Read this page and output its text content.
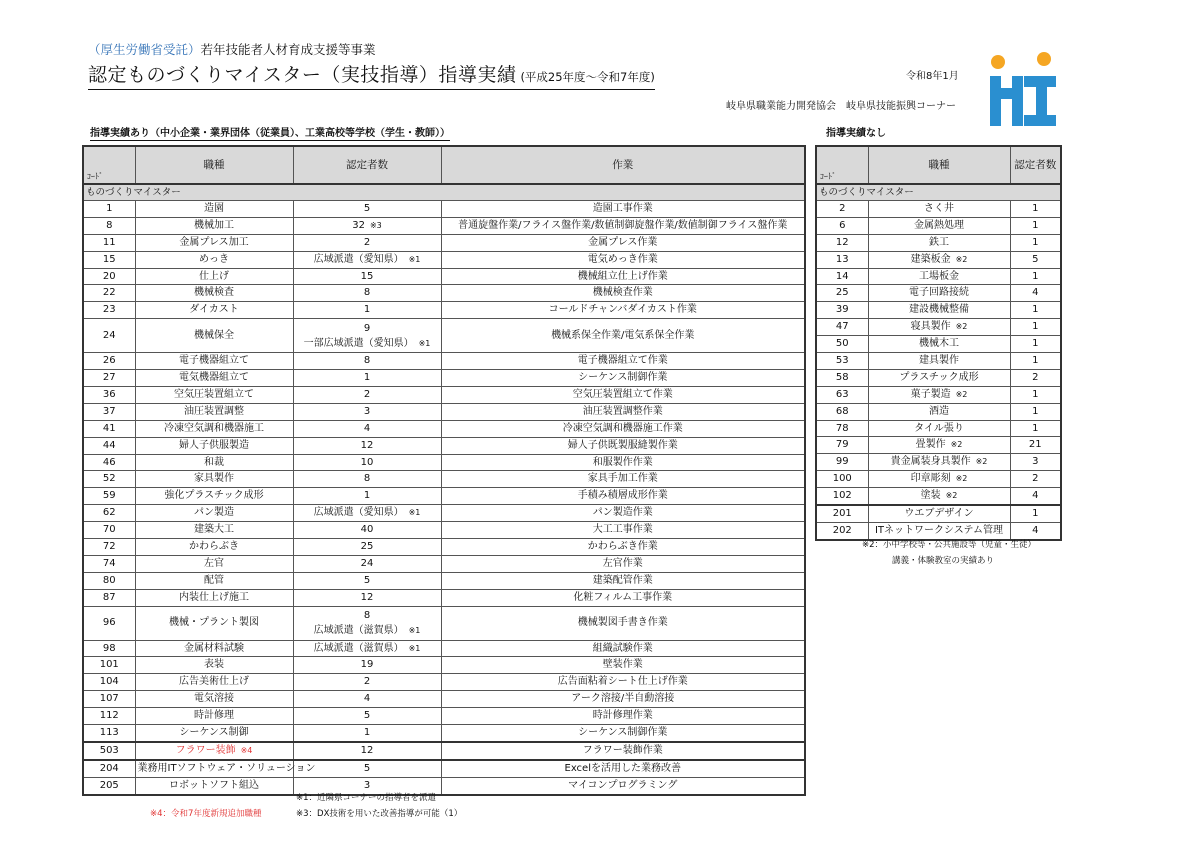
（厚生労働省受託）若年技能者人材育成支援等事業
認定ものづくりマイスター（実技指導）指導実績 (平成25年度～令和7年度)	令和8年1月
岐阜県職業能力開発協会　岐阜県技能振興コーナー
指導実績あり（中小企業・業界団体（従業員）、工業高校等学校（学生・教師））	指導実績なし
ｺｰﾄﾞ	職種	認定者数	作業
ものづくりマイスター			
1	造園	5	造園工事作業
8	機械加工	32 ※3	普通旋盤作業/フライス盤作業/数値制御旋盤作業/数値制御フライス盤作業
11	金属プレス加工	2	金属プレス作業
15	めっき	広域派遣（愛知県） ※1	電気めっき作業
20	仕上げ	15	機械組立仕上げ作業
22	機械検査	8	機械検査作業
23	ダイカスト	1	コールドチャンバダイカスト作業
24	機械保全	9
一部広域派遣（愛知県） ※1	機械系保全作業/電気系保全作業
26	電子機器組立て	8	電子機器組立て作業
27	電気機器組立て	1	シーケンス制御作業
36	空気圧装置組立て	2	空気圧装置組立て作業
37	油圧装置調整	3	油圧装置調整作業
41	冷凍空気調和機器施工	4	冷凍空気調和機器施工作業
44	婦人子供服製造	12	婦人子供既製服縫製作業
46	和裁	10	和服製作作業
52	家具製作	8	家具手加工作業
59	強化プラスチック成形	1	手積み積層成形作業
62	パン製造	広域派遣（愛知県） ※1	パン製造作業
70	建築大工	40	大工工事作業
72	かわらぶき	25	かわらぶき作業
74	左官	24	左官作業
80	配管	5	建築配管作業
87	内装仕上げ施工	12	化粧フィルム工事作業
96	機械・プラント製図	8
広域派遣（滋賀県） ※1	機械製図手書き作業
98	金属材料試験	広域派遣（滋賀県） ※1	組織試験作業
101	表装	19	壁装作業
104	広告美術仕上げ	2	広告面粘着シート仕上げ作業
107	電気溶接	4	アーク溶接/半自動溶接
112	時計修理	5	時計修理作業
113	シーケンス制御	1	シーケンス制御作業
503	フラワー装飾 ※4	12	フラワー装飾作業
204	業務用ITソフトウェア・ソリューション	5	Excelを活用した業務改善
205	ロボットソフト組込	3	マイコンプログラミング
ｺｰﾄﾞ	職種	認定者数
ものづくりマイスター		
2	さく井	1
6	金属熱処理	1
12	鉄工	1
13	建築板金 ※2	5
14	工場板金	1
25	電子回路接続	4
39	建設機械整備	1
47	寝具製作 ※2	1
50	機械木工	1
53	建具製作	1
58	プラスチック成形	2
63	菓子製造 ※2	1
68	酒造	1
78	タイル張り	1
79	畳製作 ※2	21
99	貴金属装身具製作 ※2	3
100	印章彫刻 ※2	2
102	塗装 ※2	4
201	ウエブデザイン	1
202	ITネットワークシステム管理	4
※1：近隣県コーナーの指導者を派遣
※3：DX技術を用いた改善指導が可能（1）
※4：令和7年度新規追加職種
※2：小中学校等・公共施設等（児童・生徒）
講義・体験教室の実績あり
